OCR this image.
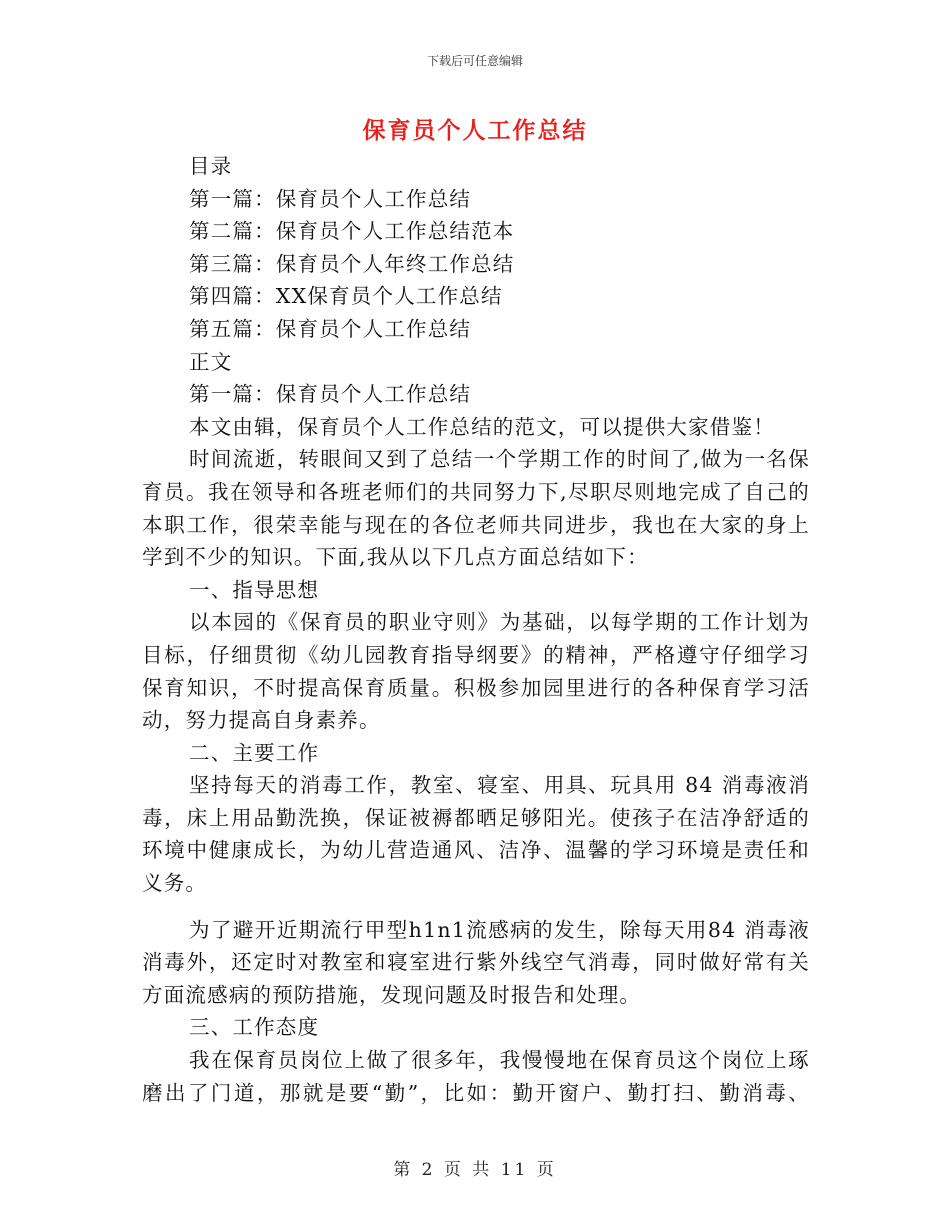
下载后可任意编辑
保育员个人工作总结
目录
第一篇：保育员个人工作总结
第二篇：保育员个人工作总结范本
第三篇：保育员个人年终工作总结
第四篇：XX保育员个人工作总结
第五篇：保育员个人工作总结
正文
第一篇：保育员个人工作总结
本文由辑，保育员个人工作总结的范文，可以提供大家借鉴！
时间流逝，转眼间又到了总结一个学期工作的时间了,做为一名保
育员。我在领导和各班老师们的共同努力下,尽职尽则地完成了自己的
本职工作，很荣幸能与现在的各位老师共同进步，我也在大家的身上
学到不少的知识。下面,我从以下几点方面总结如下：
一、指导思想
以本园的《保育员的职业守则》为基础，以每学期的工作计划为
目标，仔细贯彻《幼儿园教育指导纲要》的精神，严格遵守仔细学习
保育知识，不时提高保育质量。积极参加园里进行的各种保育学习活
动，努力提高自身素养。
二、主要工作
坚持每天的消毒工作，教室、寝室、用具、玩具用 84 消毒液消
毒，床上用品勤洗换，保证被褥都晒足够阳光。使孩子在洁净舒适的
环境中健康成长，为幼儿营造通风、洁净、温馨的学习环境是责任和
义务。
为了避开近期流行甲型h1n1流感病的发生，除每天用84 消毒液
消毒外，还定时对教室和寝室进行紫外线空气消毒，同时做好常有关
方面流感病的预防措施，发现问题及时报告和处理。
三、工作态度
我在保育员岗位上做了很多年，我慢慢地在保育员这个岗位上琢
磨出了门道，那就是要“勤”，比如：勤开窗户、勤打扫、勤消毒、
第 2 页 共 11 页
